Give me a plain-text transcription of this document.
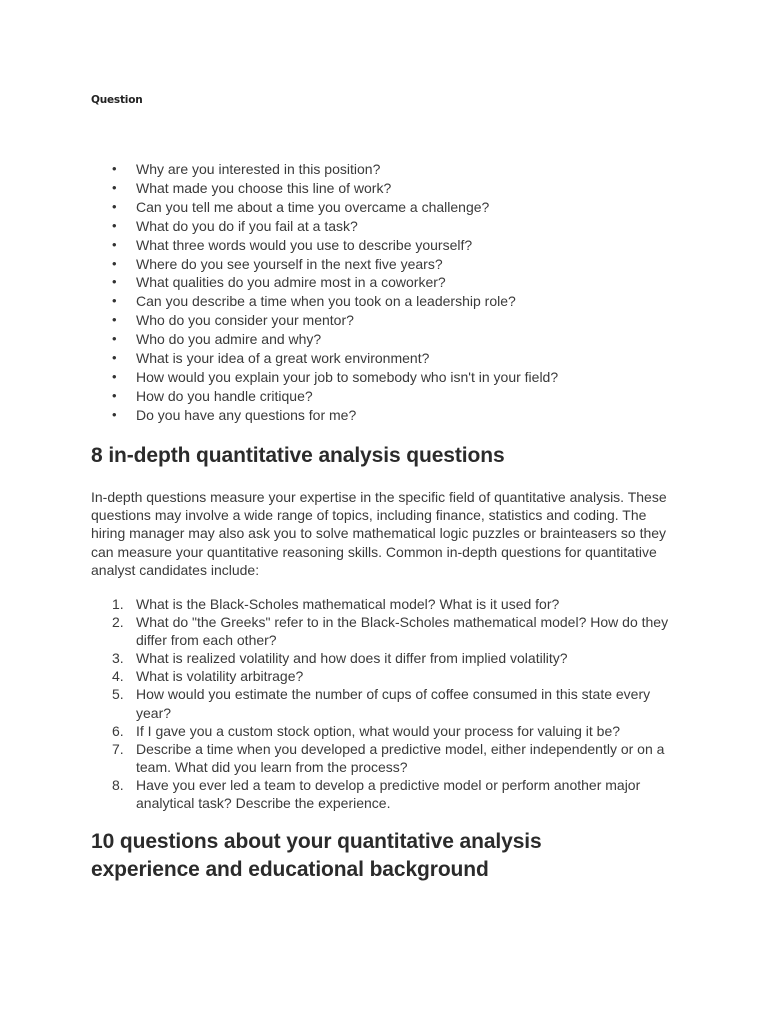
Question
• Why are you interested in this position?
• What made you choose this line of work?
• Can you tell me about a time you overcame a challenge?
• What do you do if you fail at a task?
• What three words would you use to describe yourself?
• Where do you see yourself in the next five years?
• What qualities do you admire most in a coworker?
• Can you describe a time when you took on a leadership role?
• Who do you consider your mentor?
• Who do you admire and why?
• What is your idea of a great work environment?
• How would you explain your job to somebody who isn't in your field?
• How do you handle critique?
• Do you have any questions for me?
8 in-depth quantitative analysis questions

In-depth questions measure your expertise in the specific field of quantitative analysis. These questions may involve a wide range of topics, including finance, statistics and coding. The hiring manager may also ask you to solve mathematical logic puzzles or brainteasers so they can measure your quantitative reasoning skills. Common in-depth questions for quantitative analyst candidates include:

1. What is the Black-Scholes mathematical model? What is it used for?
2. What do "the Greeks" refer to in the Black-Scholes mathematical model? How do they differ from each other?
3. What is realized volatility and how does it differ from implied volatility?
4. What is volatility arbitrage?
5. How would you estimate the number of cups of coffee consumed in this state every year?
6. If I gave you a custom stock option, what would your process for valuing it be?
7. Describe a time when you developed a predictive model, either independently or on a team. What did you learn from the process?
8. Have you ever led a team to develop a predictive model or perform another major analytical task? Describe the experience.
10 questions about your quantitative analysis experience and educational background
